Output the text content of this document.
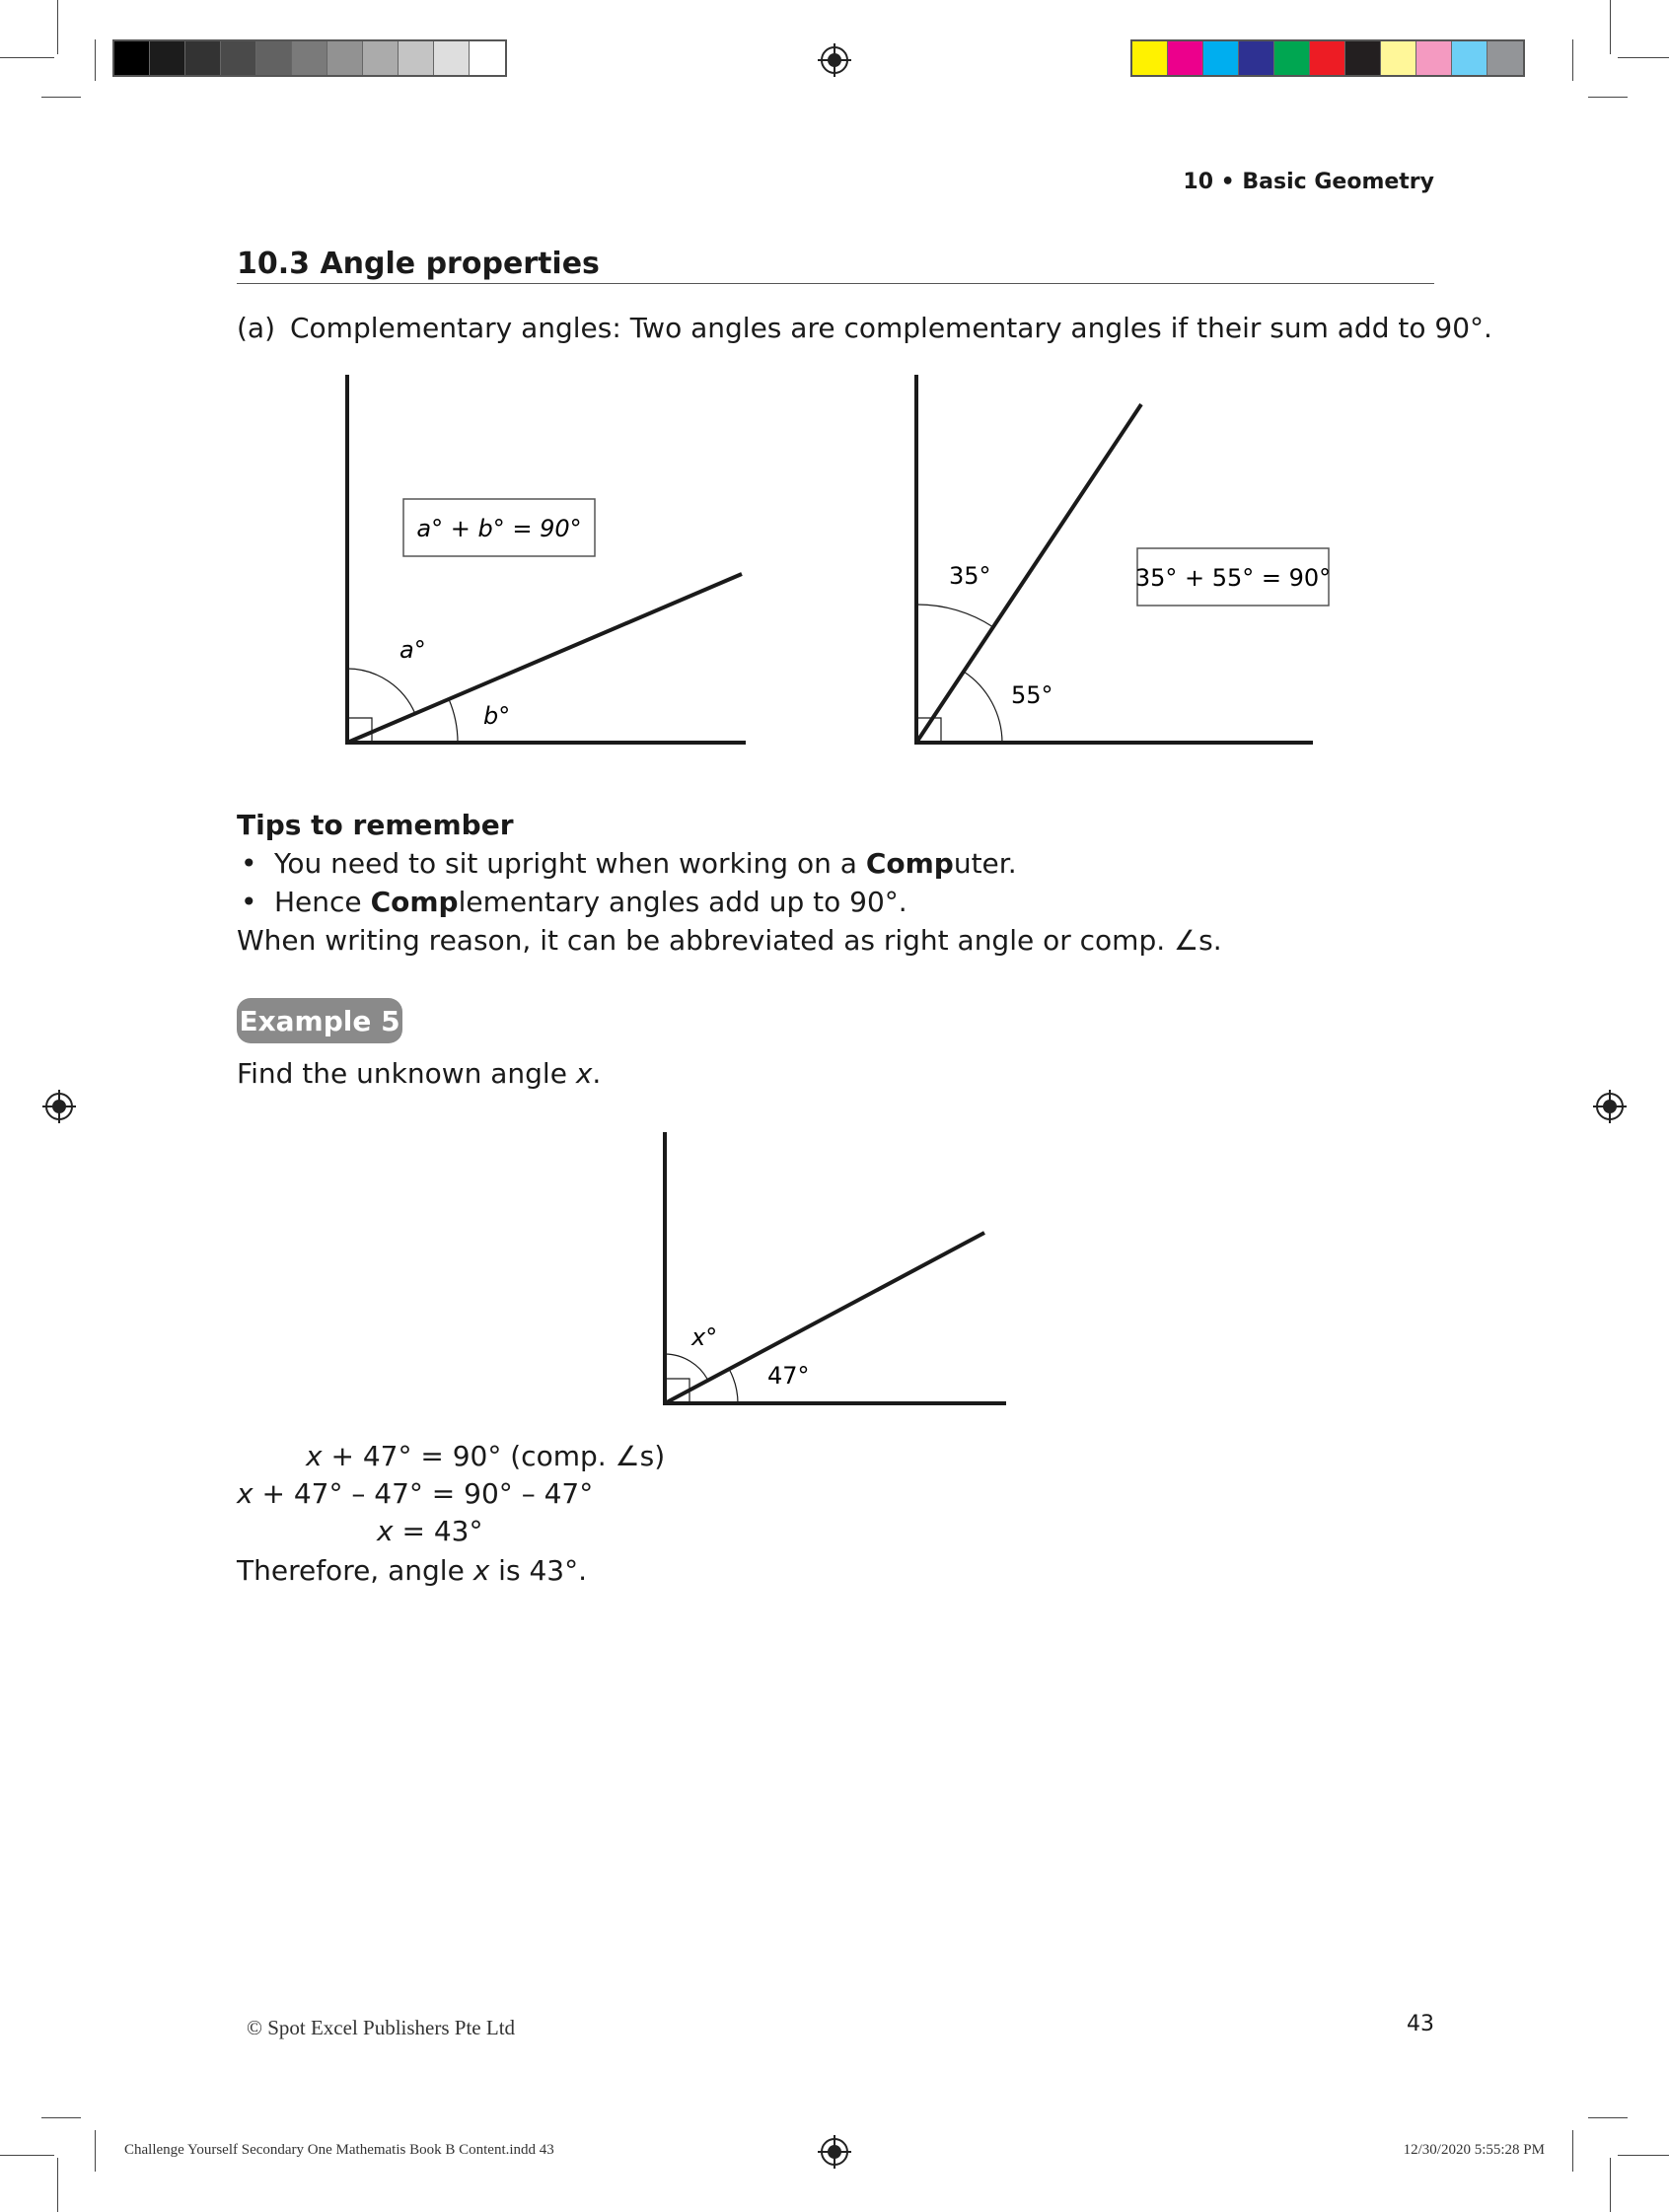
10 • Basic Geometry
10.3 Angle properties
(a) Complementary angles: Two angles are complementary angles if their sum add to 90°.
a° + b° = 90°
a°
b°
35° + 55° = 90°
35°
55°
Tips to remember
• You need to sit upright when working on a Computer.
• Hence Complementary angles add up to 90°.
When writing reason, it can be abbreviated as right angle or comp. ∠s.
Example 5
Find the unknown angle x.
x°
47°
x + 47° = 90° (comp. ∠s)
x + 47° – 47° = 90° – 47°
x = 43°
Therefore, angle x is 43°.
© Spot Excel Publishers Pte Ltd	43
Challenge Yourself Secondary One Mathematis Book B Content.indd 43	12/30/2020 5:55:28 PM
